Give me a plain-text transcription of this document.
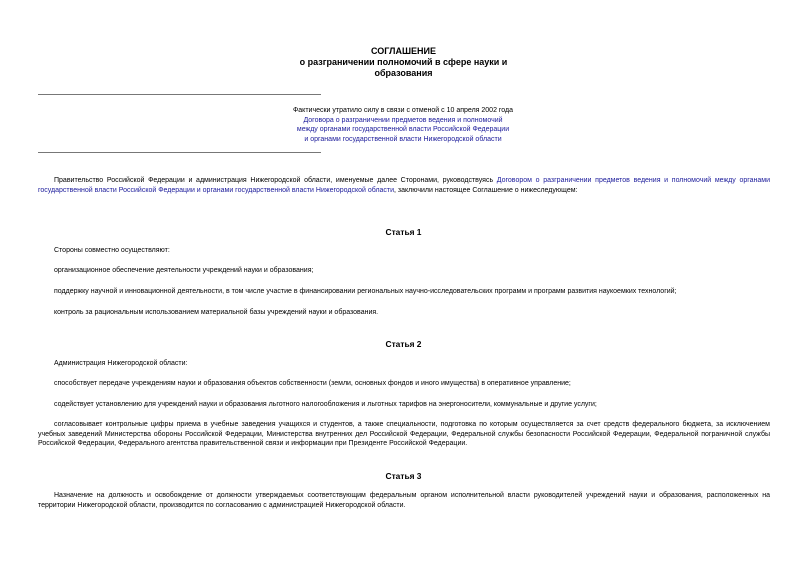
СОГЛАШЕНИЕ
о разграничении полномочий в сфере науки и
образования
Фактически утратило силу в связи с отменой с 10 апреля 2002 года
Договора о разграничении предметов ведения и полномочий
между органами государственной власти Российской Федерации
и органами государственной власти Нижегородской области
Правительство Российской Федерации и администрация Нижегородской области, именуемые далее Сторонами, руководствуясь Договором о разграничении предметов ведения и полномочий между органами государственной власти Российской Федерации и органами государственной власти Нижегородской области, заключили настоящее Соглашение о нижеследующем:
Статья 1
Стороны совместно осуществляют:
организационное обеспечение деятельности учреждений науки и образования;
поддержку научной и инновационной деятельности, в том числе участие в финансировании региональных научно-исследовательских программ и программ развития наукоемких технологий;
контроль за рациональным использованием материальной базы учреждений науки и образования.
Статья 2
Администрация Нижегородской области:
способствует передаче учреждениям науки и образования объектов собственности (земли, основных фондов и иного имущества) в оперативное управление;
содействует установлению для учреждений науки и образования льготного налогообложения и льготных тарифов на энергоносители, коммунальные и другие услуги;
согласовывает контрольные цифры приема в учебные заведения учащихся и студентов, а также специальности, подготовка по которым осуществляется за счет средств федерального бюджета, за исключением учебных заведений Министерства обороны Российской Федерации, Министерства внутренних дел Российской Федерации, Федеральной службы безопасности Российской Федерации, Федеральной пограничной службы Российской Федерации, Федерального агентства правительственной связи и информации при Президенте Российской Федерации.
Статья 3
Назначение на должность и освобождение от должности утверждаемых соответствующим федеральным органом исполнительной власти руководителей учреждений науки и образования, расположенных на территории Нижегородской области, производится по согласованию с администрацией Нижегородской области.
